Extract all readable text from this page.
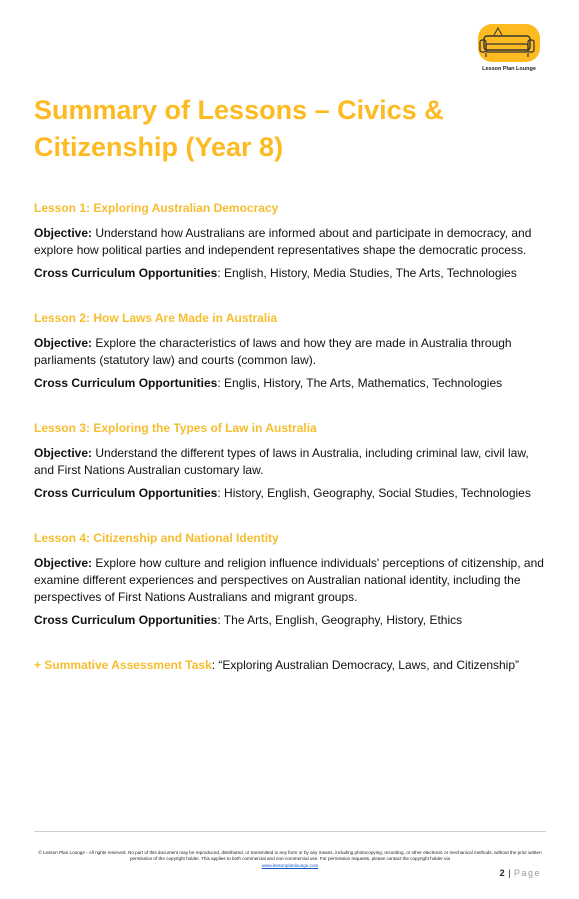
Lesson Plan Lounge
Summary of Lessons – Civics & Citizenship (Year 8)
Lesson 1: Exploring Australian Democracy

Objective: Understand how Australians are informed about and participate in democracy, and explore how political parties and independent representatives shape the democratic process.

Cross Curriculum Opportunities: English, History, Media Studies, The Arts, Technologies

Lesson 2: How Laws Are Made in Australia

Objective: Explore the characteristics of laws and how they are made in Australia through parliaments (statutory law) and courts (common law).

Cross Curriculum Opportunities: Englis, History, The Arts, Mathematics, Technologies

Lesson 3: Exploring the Types of Law in Australia

Objective: Understand the different types of laws in Australia, including criminal law, civil law, and First Nations Australian customary law.

Cross Curriculum Opportunities: History, English, Geography, Social Studies, Technologies

Lesson 4: Citizenship and National Identity

Objective: Explore how culture and religion influence individuals' perceptions of citizenship, and examine different experiences and perspectives on Australian national identity, including the perspectives of First Nations Australians and migrant groups.

Cross Curriculum Opportunities: The Arts, English, Geography, History, Ethics

+ Summative Assessment Task: “Exploring Australian Democracy, Laws, and Citizenship”
© Lesson Plan Lounge - All rights reserved. No part of this document may be reproduced, distributed, or transmitted in any form or by any means, including photocopying, recording, or other electronic or mechanical methods, without the prior written permission of the copyright holder. This applies to both commercial and non-commercial use. For permission requests, please contact the copyright holder via
www.lessonplanlounge.com
2 | Page
